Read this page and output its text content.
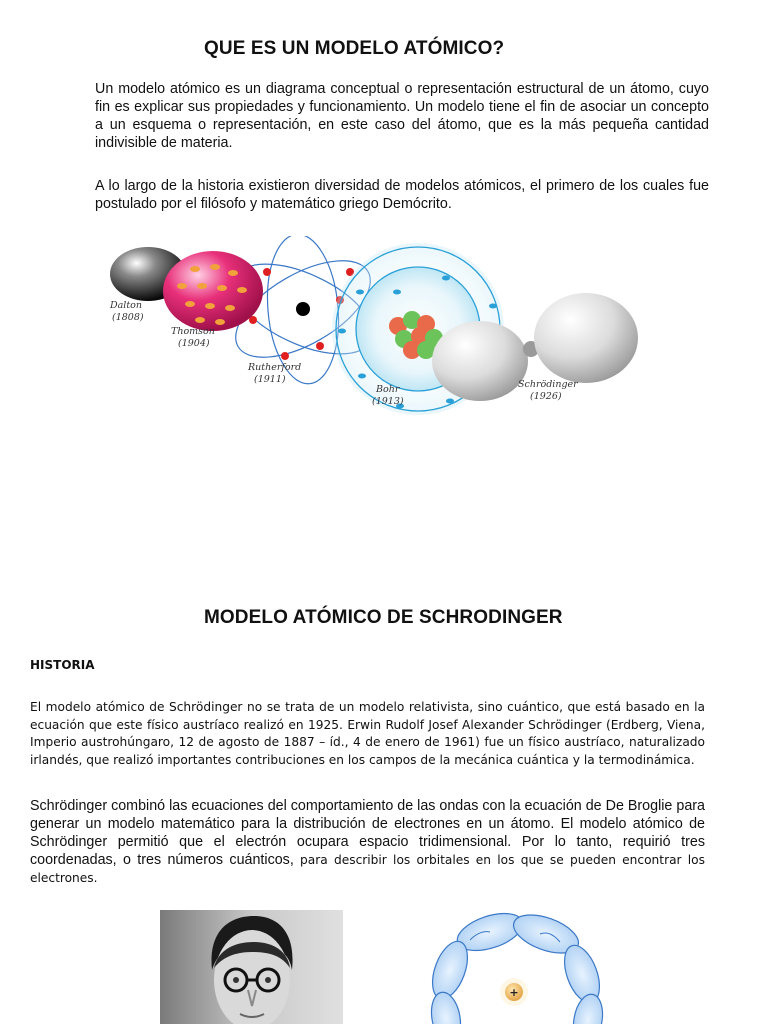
QUE ES UN MODELO ATÓMICO?
Un modelo atómico es un diagrama conceptual o representación estructural de un átomo, cuyo fin es explicar sus propiedades y funcionamiento. Un modelo tiene el fin de asociar un concepto a un esquema o representación, en este caso del átomo, que es la más pequeña cantidad indivisible de materia.
A lo largo de la historia existieron diversidad de modelos atómicos, el primero de los cuales fue postulado por el filósofo y matemático griego Demócrito.
Dalton
(1808)
Thomson
(1904)
Rutherford
(1911)
Bohr
(1913)
Schrödinger
(1926)
MODELO ATÓMICO DE SCHRODINGER
HISTORIA
El modelo atómico de Schrödinger no se trata de un modelo relativista, sino cuántico, que está basado en la ecuación que este físico austríaco realizó en 1925. Erwin Rudolf Josef Alexander Schrödinger (Erdberg, Viena, Imperio austrohúngaro, 12 de agosto de 1887 – íd., 4 de enero de 1961) fue un físico austríaco, naturalizado irlandés, que realizó importantes contribuciones en los campos de la mecánica cuántica y la termodinámica.
Schrödinger combinó las ecuaciones del comportamiento de las ondas con la ecuación de De Broglie para generar un modelo matemático para la distribución de electrones en un átomo. El modelo atómico de Schrödinger permitió que el electrón ocupara espacio tridimensional. Por lo tanto, requirió tres coordenadas, o tres números cuánticos, para describir los orbitales en los que se pueden encontrar los electrones.
+
